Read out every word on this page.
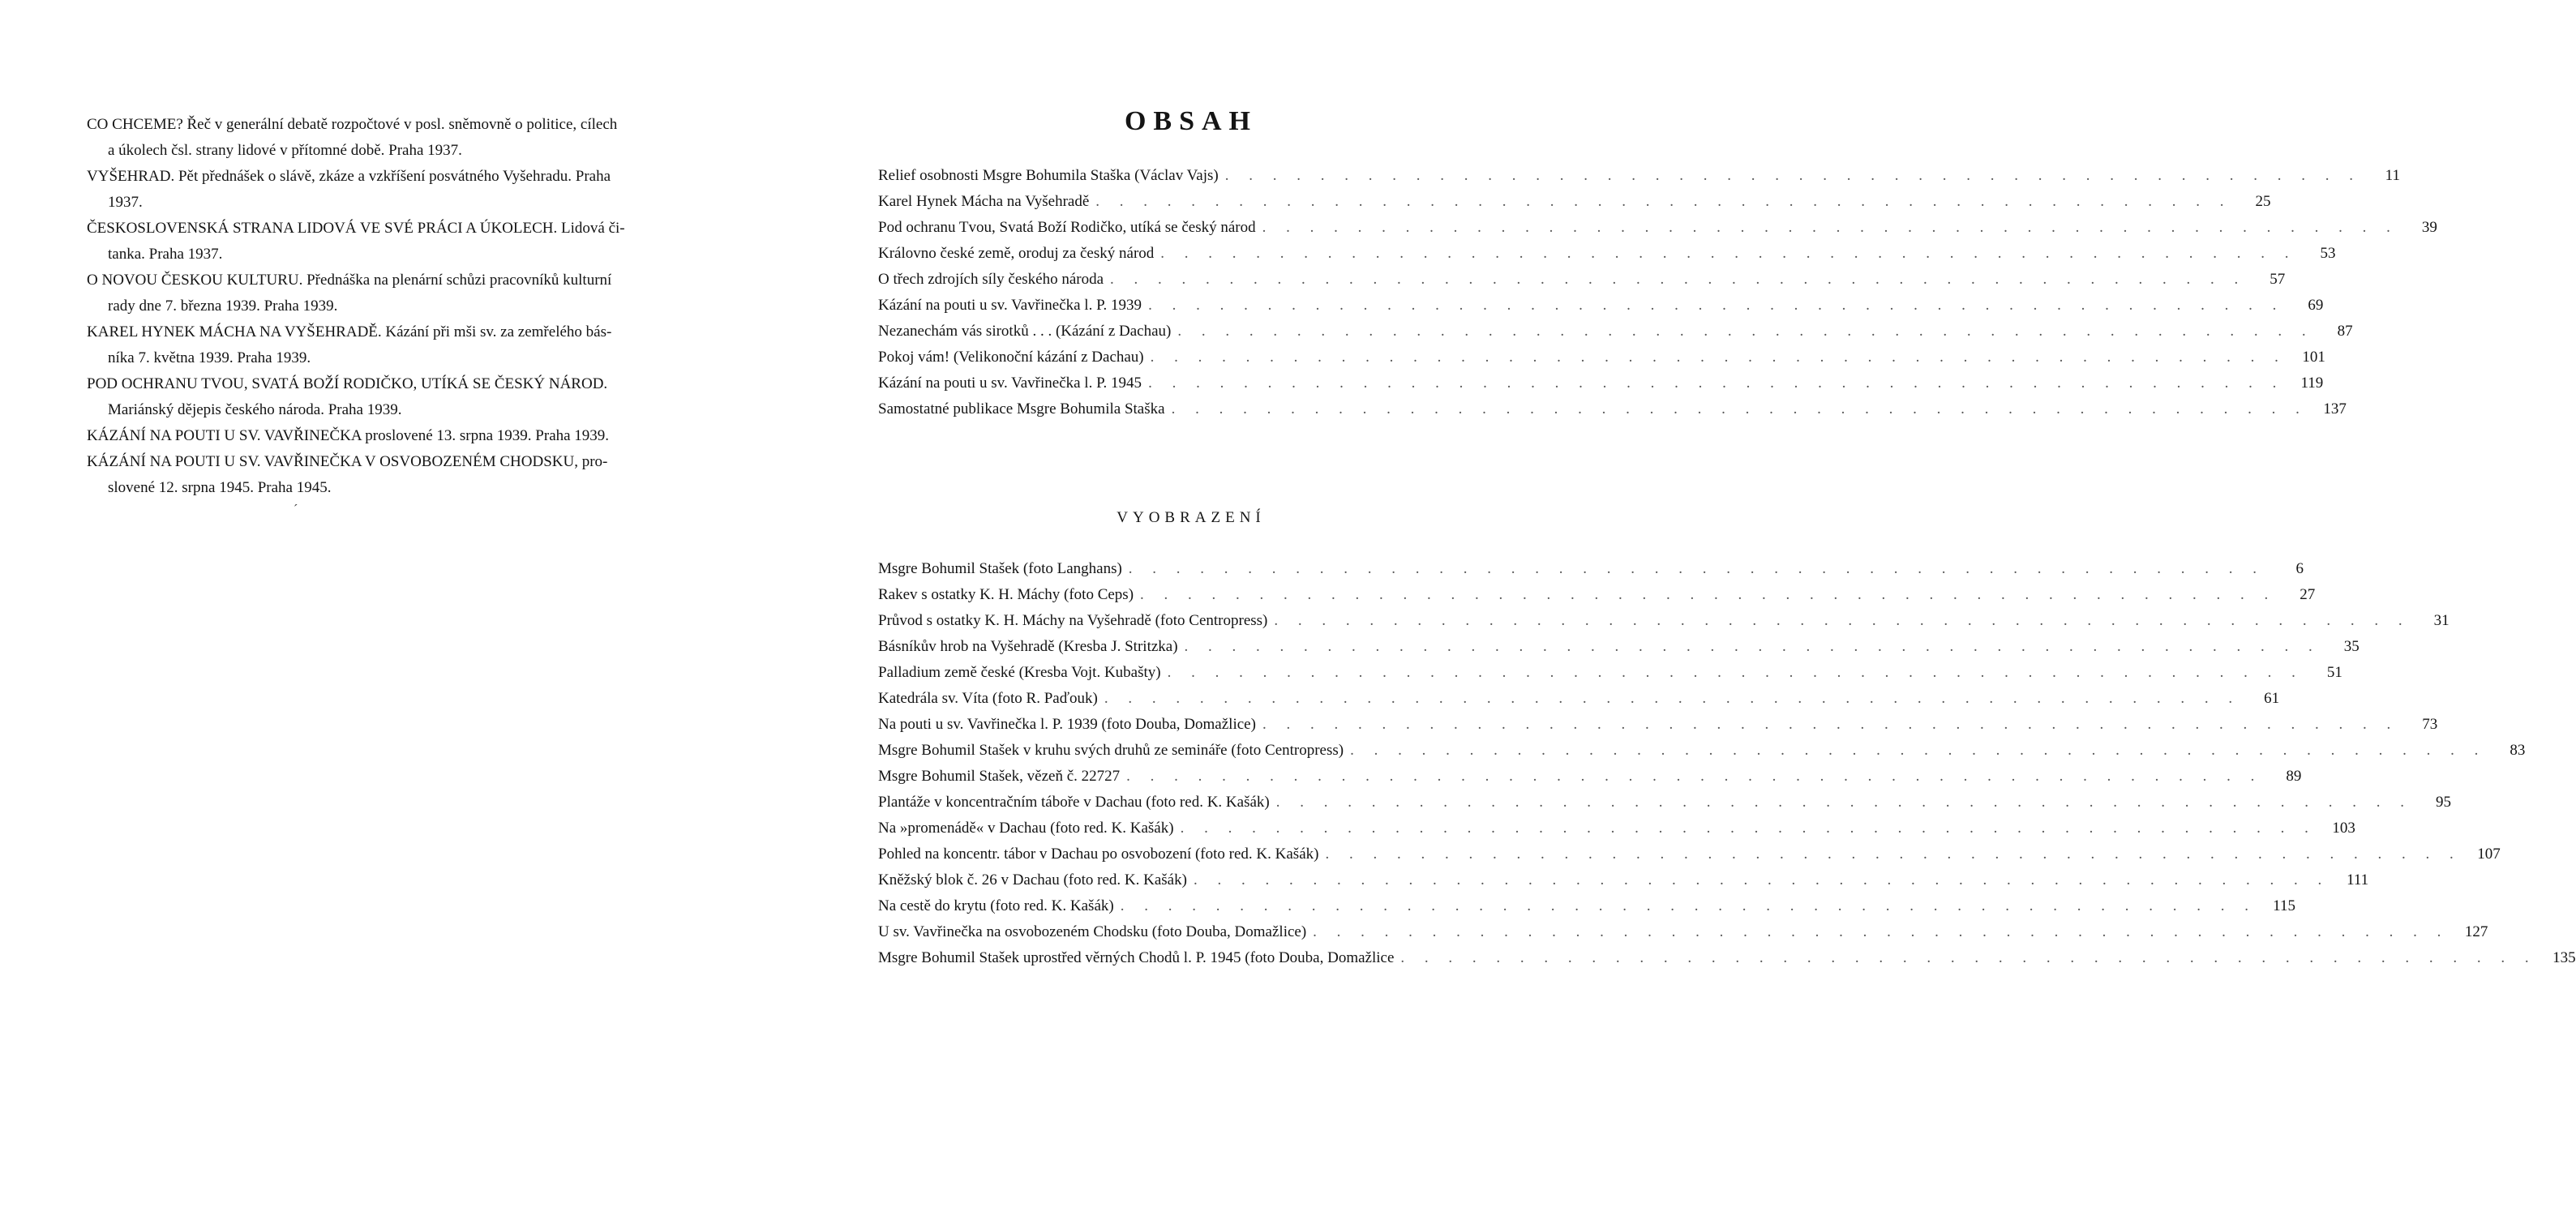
CO CHCEME? Řeč v generální debatě rozpočtové v posl. sněmovně o politice, cílech
a úkolech čsl. strany lidové v přítomné době. Praha 1937.

VYŠEHRAD. Pět přednášek o slávě, zkáze a vzkříšení posvátného Vyšehradu. Praha
1937.

ČESKOSLOVENSKÁ STRANA LIDOVÁ VE SVÉ PRÁCI A ÚKOLECH. Lidová či-
tanka. Praha 1937.

O NOVOU ČESKOU KULTURU. Přednáška na plenární schůzi pracovníků kulturní
rady dne 7. března 1939. Praha 1939.

KAREL HYNEK MÁCHA NA VYŠEHRADĚ. Kázání při mši sv. za zemřelého bás-
níka 7. května 1939. Praha 1939.

POD OCHRANU TVOU, SVATÁ BOŽÍ RODIČKO, UTÍKÁ SE ČESKÝ NÁROD.
Mariánský dějepis českého národa. Praha 1939.

KÁZÁNÍ NA POUTI U SV. VAVŘINEČKA proslovené 13. srpna 1939. Praha 1939.

KÁZÁNÍ NA POUTI U SV. VAVŘINEČKA V OSVOBOZENÉM CHODSKU, pro-
slovené 12. srpna 1945. Praha 1945.

´
OBSAH
Relief osobnosti Msgre Bohumila Staška (Václav Vajs) . . .	11
Karel Hynek Mácha na Vyšehradě . . .	25
Pod ochranu Tvou, Svatá Boží Rodičko, utíká se český národ . . .	39
Královno české země, oroduj za český národ . . .	53
O třech zdrojích síly českého národa . . .	57
Kázání na pouti u sv. Vavřinečka l. P. 1939 . . .	69
Nezanechám vás sirotků . . . (Kázání z Dachau) . . .	87
Pokoj vám! (Velikonoční kázání z Dachau) . . .	101
Kázání na pouti u sv. Vavřinečka l. P. 1945 . . .	119
Samostatné publikace Msgre Bohumila Staška . . .	137
VYOBRAZENÍ
Msgre Bohumil Stašek (foto Langhans) . . .	6
Rakev s ostatky K. H. Máchy (foto Ceps) . . .	27
Průvod s ostatky K. H. Máchy na Vyšehradě (foto Centropress) . . .	31
Básníkův hrob na Vyšehradě (Kresba J. Stritzka) . . .	35
Palladium země české (Kresba Vojt. Kubašty) . . .	51
Katedrála sv. Víta (foto R. Paďouk) . . .	61
Na pouti u sv. Vavřinečka l. P. 1939 (foto Douba, Domažlice) . . .	73
Msgre Bohumil Stašek v kruhu svých druhů ze semináře (foto Centropress) . . .	83
Msgre Bohumil Stašek, vězeň č. 22727 . . .	89
Plantáže v koncentračním táboře v Dachau (foto red. K. Kašák) . . .	95
Na »promenádě« v Dachau (foto red. K. Kašák) . . .	103
Pohled na koncentr. tábor v Dachau po osvobození (foto red. K. Kašák) . . .	107
Kněžský blok č. 26 v Dachau (foto red. K. Kašák) . . .	111
Na cestě do krytu (foto red. K. Kašák) . . .	115
U sv. Vavřinečka na osvobozeném Chodsku (foto Douba, Domažlice) . . .	127
Msgre Bohumil Stašek uprostřed věrných Chodů l. P. 1945 (foto Douba, Domažlice . . .	135
